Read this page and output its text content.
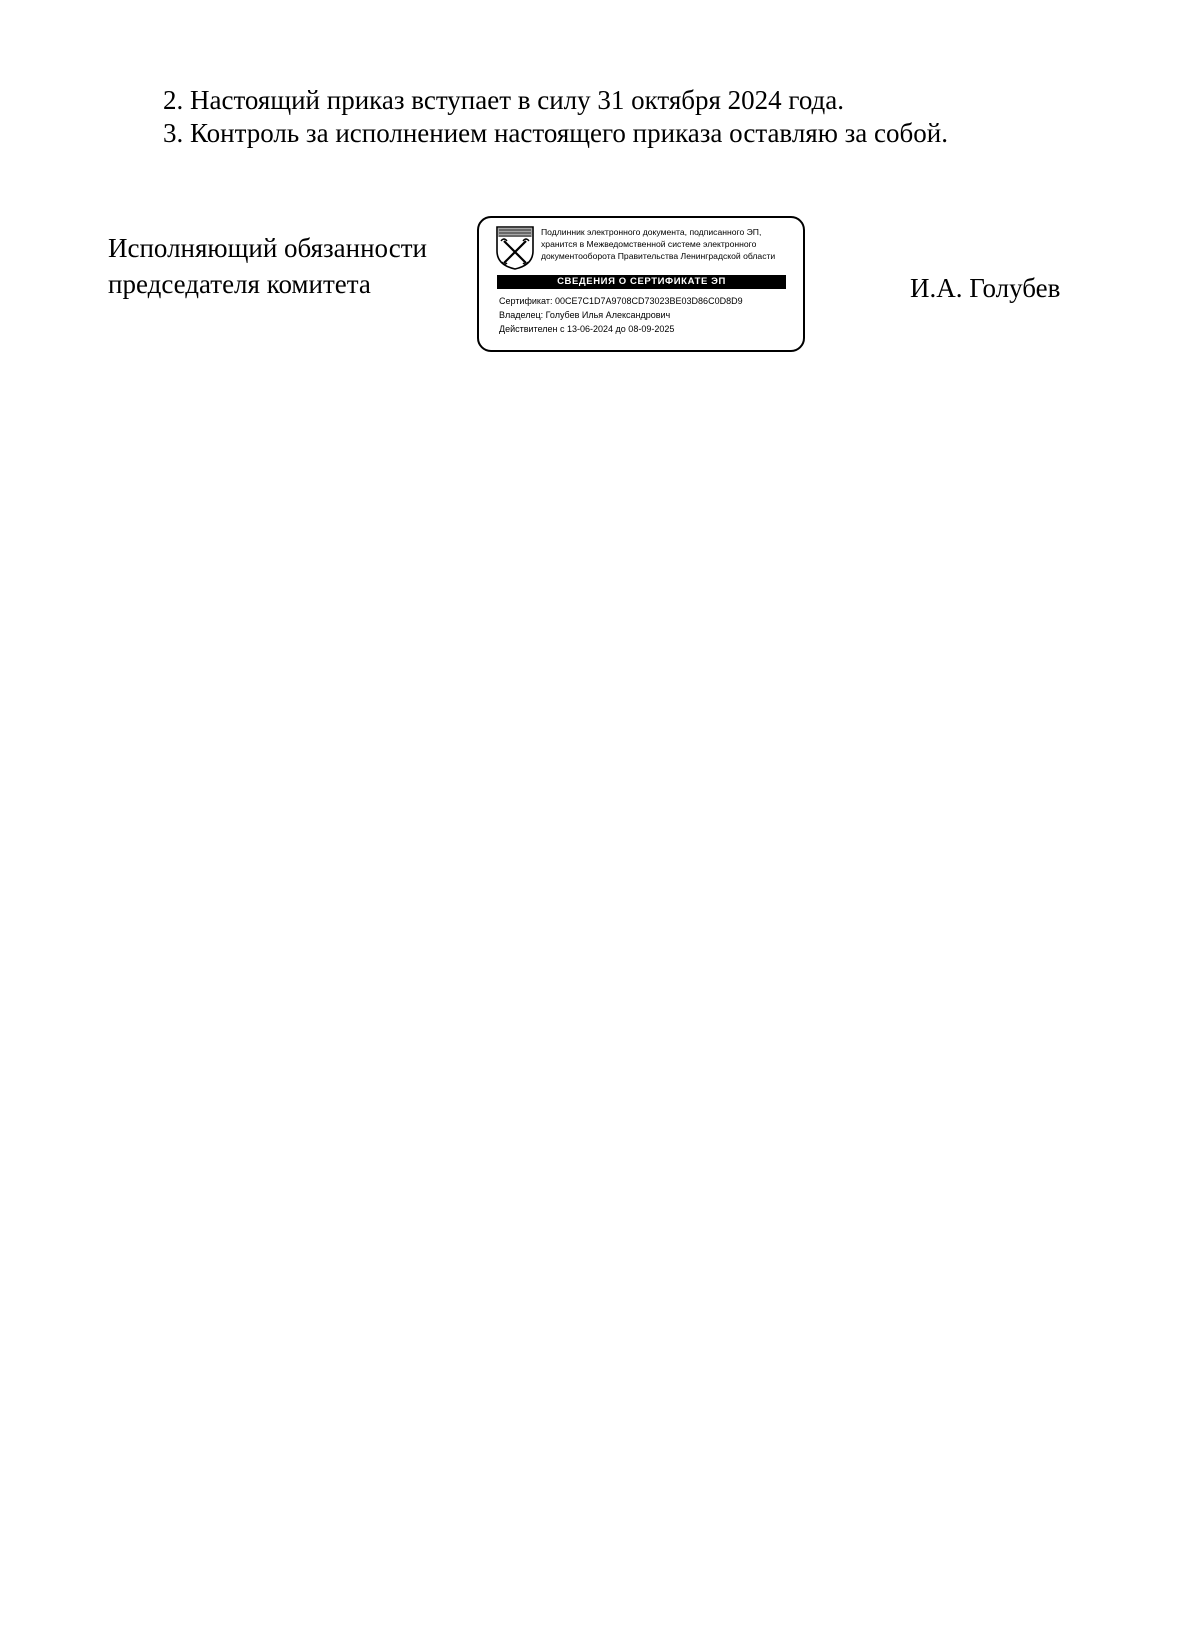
2. Настоящий приказ вступает в силу 31 октября 2024 года.
3. Контроль за исполнением настоящего приказа оставляю за собой.
Исполняющий обязанности
председателя комитета
Подлинник электронного документа, подписанного ЭП,
хранится в Межведомственной системе электронного
документооборота Правительства Ленинградской области
СВЕДЕНИЯ О СЕРТИФИКАТЕ ЭП
Сертификат: 00CE7C1D7A9708CD73023BE03D86C0D8D9
Владелец: Голубев Илья Александрович
Действителен с 13-06-2024 до 08-09-2025
И.А. Голубев
